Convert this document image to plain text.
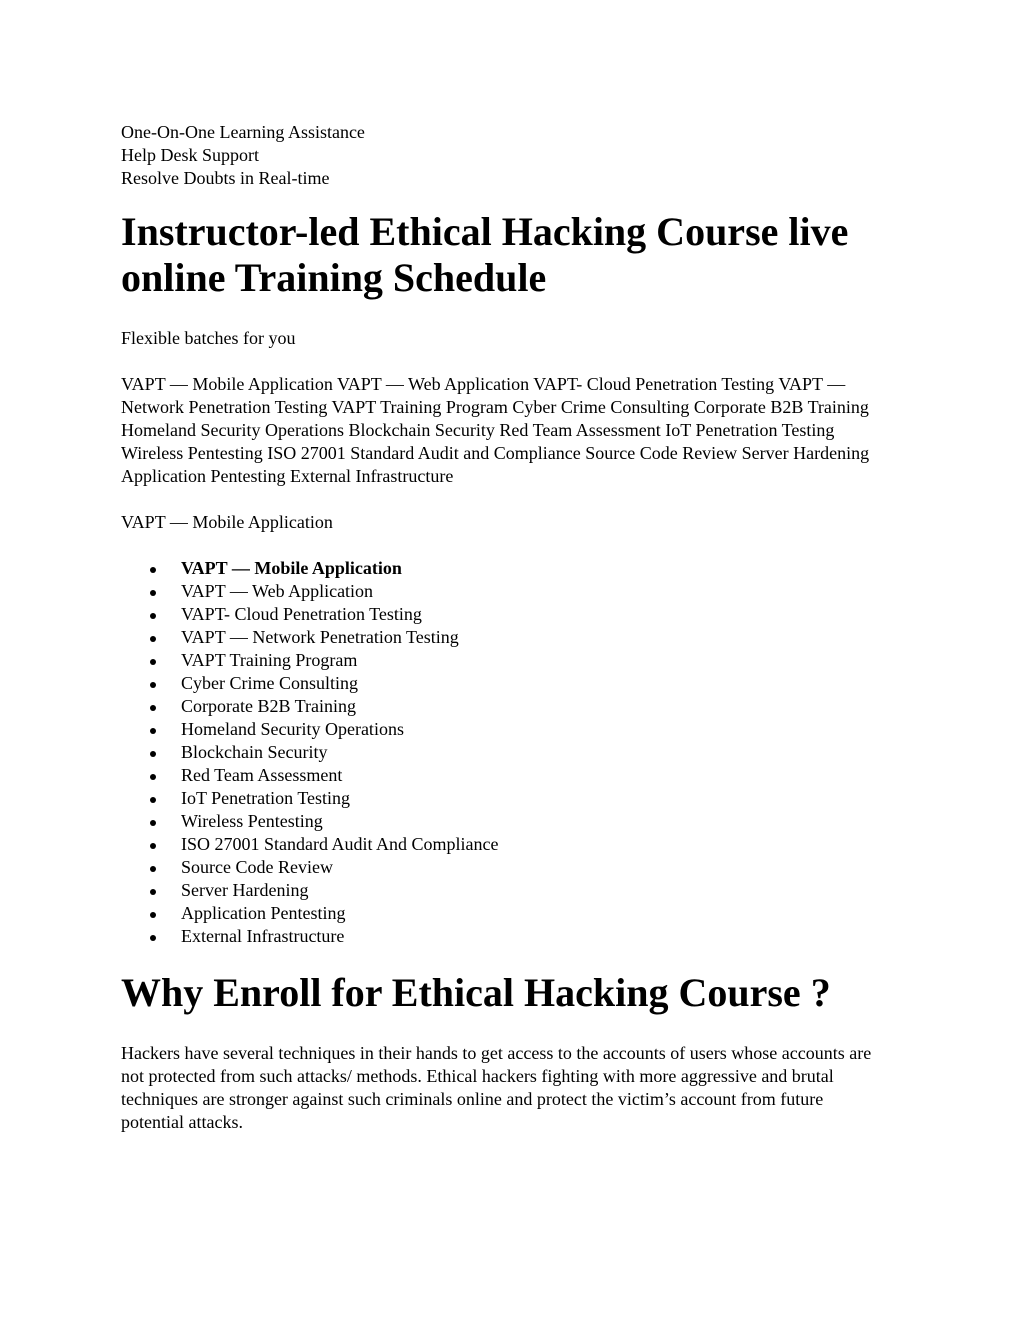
One-On-One Learning Assistance

Help Desk Support

Resolve Doubts in Real-time

Instructor-led Ethical Hacking Course live online Training Schedule

Flexible batches for you

VAPT — Mobile Application VAPT — Web Application VAPT- Cloud Penetration Testing VAPT — Network Penetration Testing VAPT Training Program Cyber Crime Consulting Corporate B2B Training Homeland Security Operations Blockchain Security Red Team Assessment IoT Penetration Testing Wireless Pentesting ISO 27001 Standard Audit and Compliance Source Code Review Server Hardening Application Pentesting External Infrastructure

VAPT — Mobile Application

VAPT — Mobile Application
VAPT — Web Application
VAPT- Cloud Penetration Testing
VAPT — Network Penetration Testing
VAPT Training Program
Cyber Crime Consulting
Corporate B2B Training
Homeland Security Operations
Blockchain Security
Red Team Assessment
IoT Penetration Testing
Wireless Pentesting
ISO 27001 Standard Audit And Compliance
Source Code Review
Server Hardening
Application Pentesting
External Infrastructure
Why Enroll for Ethical Hacking Course ?

Hackers have several techniques in their hands to get access to the accounts of users whose accounts are not protected from such attacks/ methods. Ethical hackers fighting with more aggressive and brutal techniques are stronger against such criminals online and protect the victim’s account from future potential attacks.
